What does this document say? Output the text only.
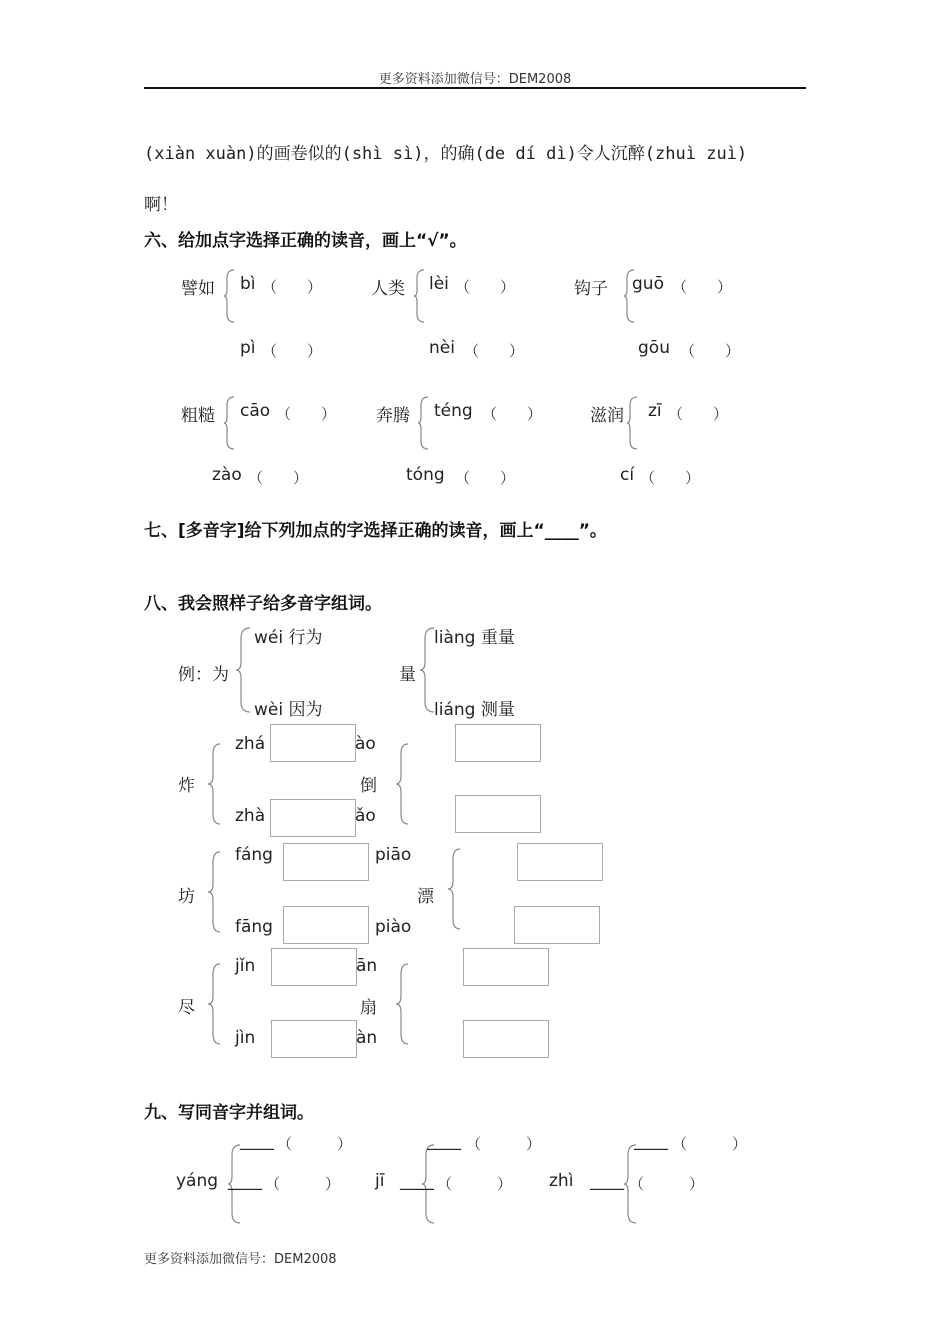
更多资料添加微信号：DEM2008
(xiàn xuàn)的画卷似的(shì sì)，的确(de dí dì)令人沉醉(zhuì zuì)
啊！
六、给加点字选择正确的读音，画上“√”。
譬如 bì （　　）
pì （　　）
人类 lèi （　　）
nèi （　　）
钩子 guō （　　）
gōu （　　）
粗糙 cāo （　　）
zào （　　）
奔腾 téng （　　）
tóng （　　）
滋润 zī （　　）
cí （　　）
七、[多音字]给下列加点的字选择正确的读音，画上“____”。
八、我会照样子给多音字组词。
例：为
wéi 行为
wèi 因为
量
liàng 重量
liáng 测量
炸
zhá
zhà
ào
ǎo
倒
坊
fáng
fāng
piāo
piào
漂
尽
jǐn
jìn
ān
àn
扇
九、写同音字并组词。
yáng
____ （　　　）
____ （　　　） jī
____ （　　　）
____ （　　　） zhì
____ （　　　）
____ （　　　）
更多资料添加微信号：DEM2008
